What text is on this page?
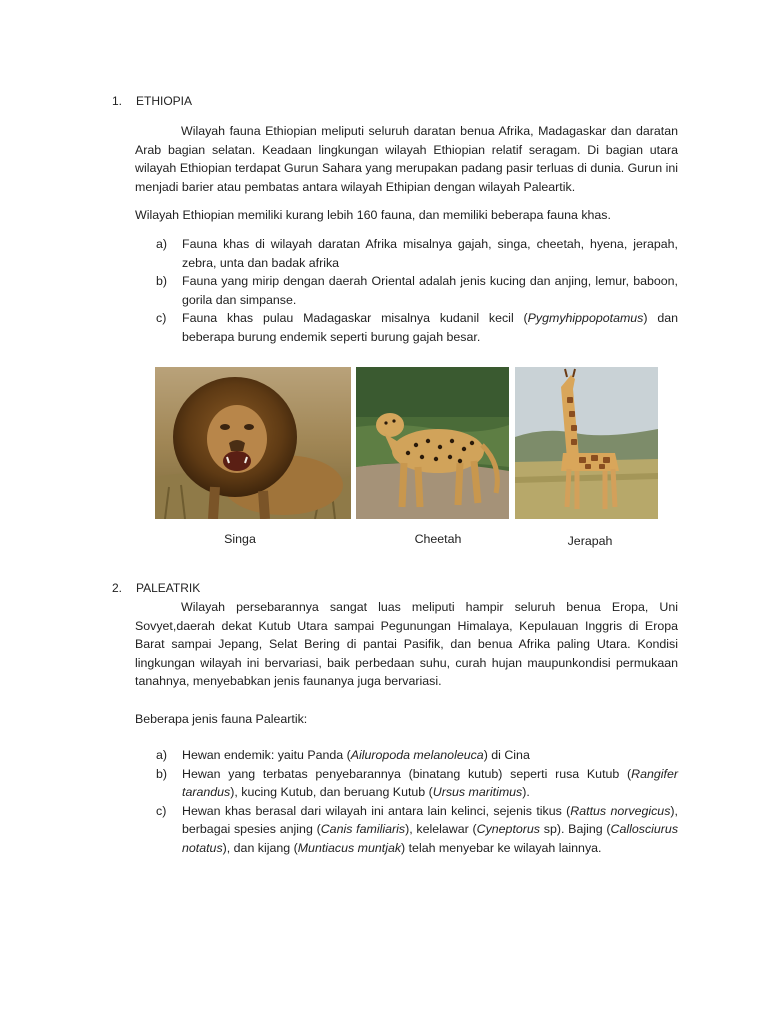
1. ETHIOPIA
Wilayah fauna Ethiopian meliputi seluruh daratan benua Afrika, Madagaskar dan daratan Arab bagian selatan. Keadaan lingkungan wilayah Ethiopian relatif seragam. Di bagian utara wilayah Ethiopian terdapat Gurun Sahara yang merupakan padang pasir terluas di dunia. Gurun ini menjadi barier atau pembatas antara wilayah Ethipian dengan wilayah Paleartik.
Wilayah Ethiopian memiliki kurang lebih 160 fauna, dan memiliki beberapa fauna khas.
a) Fauna khas di wilayah daratan Afrika misalnya gajah, singa, cheetah, hyena, jerapah, zebra, unta dan badak afrika
b) Fauna yang mirip dengan daerah Oriental adalah jenis kucing dan anjing, lemur, baboon, gorila dan simpanse.
c) Fauna khas pulau Madagaskar misalnya kudanil kecil (Pygmyhippopotamus) dan beberapa burung endemik seperti burung gajah besar.
Singa	Cheetah	Jerapah
2. PALEATRIK
Wilayah persebarannya sangat luas meliputi hampir seluruh benua Eropa, Uni Sovyet,daerah dekat Kutub Utara sampai Pegunungan Himalaya, Kepulauan Inggris di Eropa Barat sampai Jepang, Selat Bering di pantai Pasifik, dan benua Afrika paling Utara. Kondisi lingkungan wilayah ini bervariasi, baik perbedaan suhu, curah hujan maupunkondisi permukaan tanahnya, menyebabkan jenis faunanya juga bervariasi.
Beberapa jenis fauna Paleartik:
a) Hewan endemik: yaitu Panda (Ailuropoda melanoleuca) di Cina
b) Hewan yang terbatas penyebarannya (binatang kutub) seperti rusa Kutub (Rangifer tarandus), kucing Kutub, dan beruang Kutub (Ursus maritimus).
c) Hewan khas berasal dari wilayah ini antara lain kelinci, sejenis tikus (Rattus norvegicus), berbagai spesies anjing (Canis familiaris), kelelawar (Cyneptorus sp). Bajing (Callosciurus notatus), dan kijang (Muntiacus muntjak) telah menyebar ke wilayah lainnya.
